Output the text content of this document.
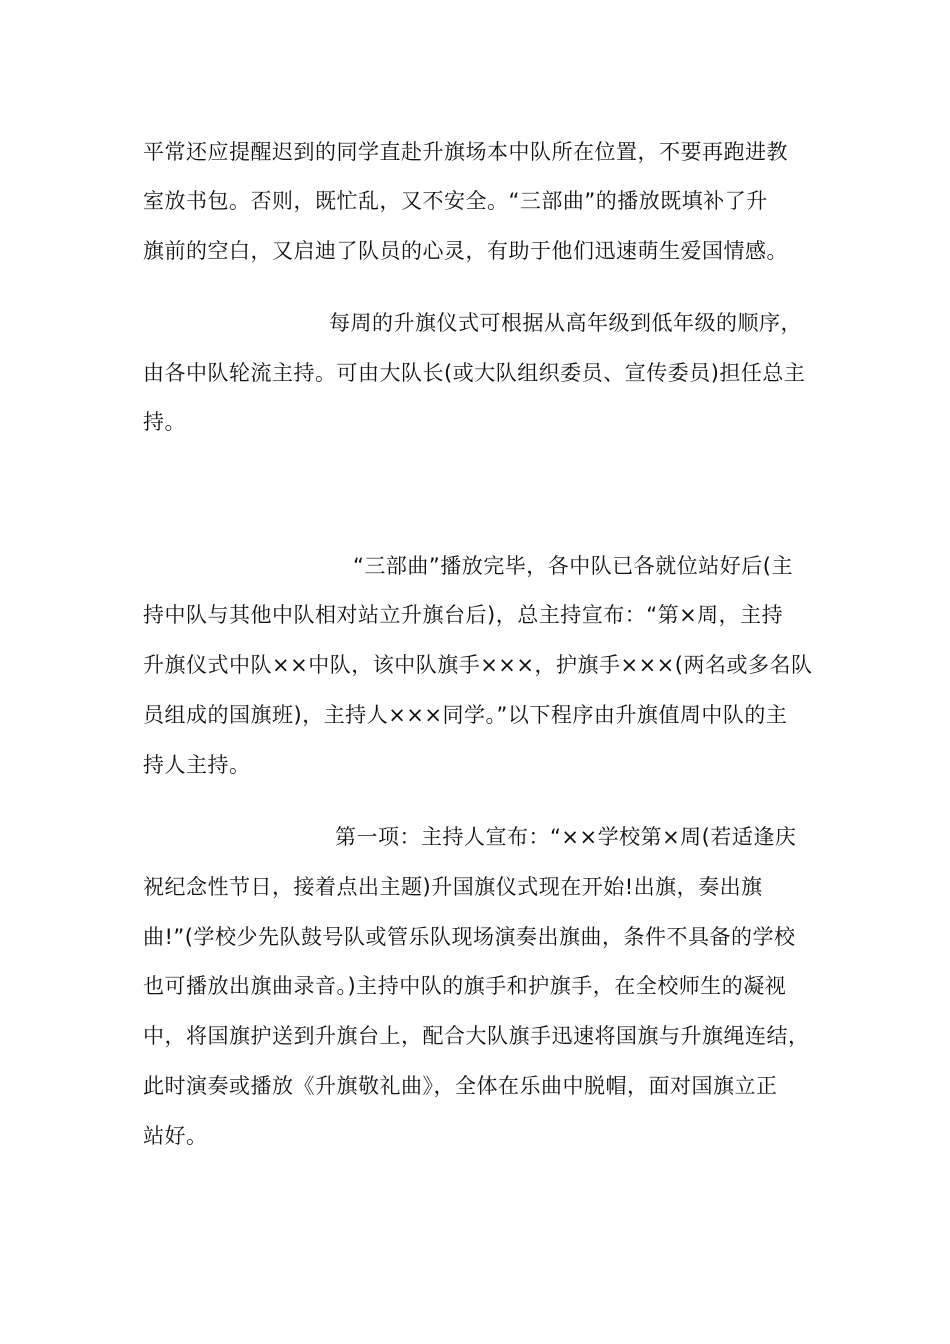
平常还应提醒迟到的同学直赴升旗场本中队所在位置，不要再跑进教
室放书包。否则，既忙乱，又不安全。“三部曲”的播放既填补了升
旗前的空白，又启迪了队员的心灵，有助于他们迅速萌生爱国情感。
每周的升旗仪式可根据从高年级到低年级的顺序，
由各中队轮流主持。可由大队长(或大队组织委员、宣传委员)担任总主
持。
“三部曲”播放完毕，各中队已各就位站好后(主
持中队与其他中队相对站立升旗台后)，总主持宣布：“第×周，主持
升旗仪式中队××中队，该中队旗手×××，护旗手×××(两名或多名队
员组成的国旗班)，主持人×××同学。”以下程序由升旗值周中队的主
持人主持。
第一项：主持人宣布：“××学校第×周(若适逢庆
祝纪念性节日，接着点出主题)升国旗仪式现在开始!出旗，奏出旗
曲!”(学校少先队鼓号队或管乐队现场演奏出旗曲，条件不具备的学校
也可播放出旗曲录音。)主持中队的旗手和护旗手，在全校师生的凝视
中，将国旗护送到升旗台上，配合大队旗手迅速将国旗与升旗绳连结，
此时演奏或播放《升旗敬礼曲》，全体在乐曲中脱帽，面对国旗立正
站好。
